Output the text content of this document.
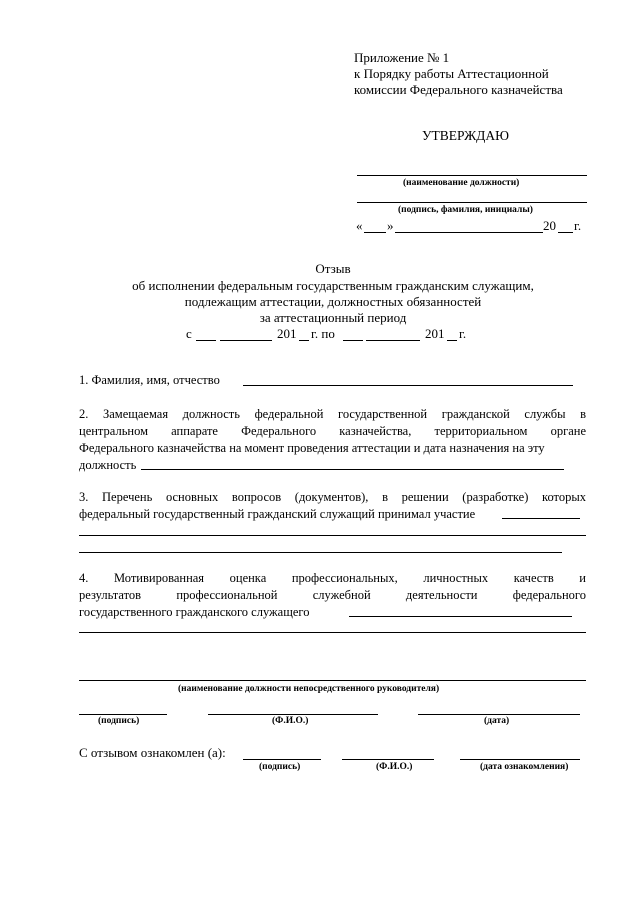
Приложение № 1
к Порядку работы Аттестационной
комиссии Федерального казначейства
УТВЕРЖДАЮ
(наименование должности)
(подпись, фамилия, инициалы)
« »	20 г.
Отзыв
об исполнении федеральным государственным гражданским служащим,
подлежащим аттестации, должностных обязанностей
за аттестационный период
с	201 г. по	201 г.
1. Фамилия, имя, отчество
2. Замещаемая должность федеральной государственной гражданской службы в
центральном аппарате Федерального казначейства, территориальном органе
Федерального казначейства на момент проведения аттестации и дата назначения на эту
должность
3. Перечень основных вопросов (документов), в решении (разработке) которых
федеральный государственный гражданский служащий принимал участие
4. Мотивированная оценка профессиональных, личностных качеств и
результатов профессиональной служебной деятельности федерального
государственного гражданского служащего
(наименование должности непосредственного руководителя)
(подпись)	(Ф.И.О.)	(дата)
С отзывом ознакомлен (а):
(подпись)	(Ф.И.О.)	(дата ознакомления)
